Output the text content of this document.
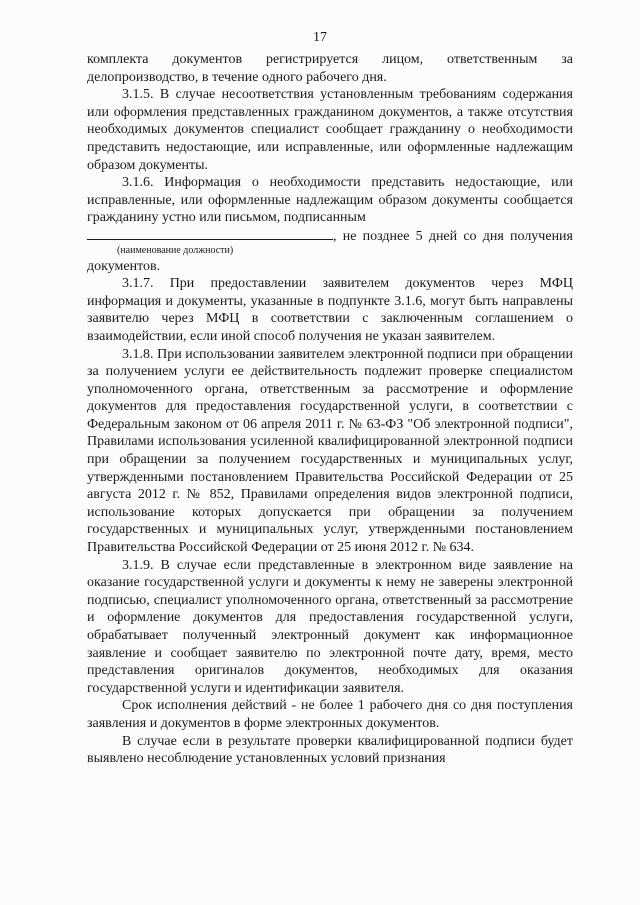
17

комплекта документов регистрируется лицом, ответственным за делопроизводство, в течение одного рабочего дня.

3.1.5. В случае несоответствия установленным требованиям содержания или оформления представленных гражданином документов, а также отсутствия необходимых документов специалист сообщает гражданину о необходимости представить недостающие, или исправленные, или оформленные надлежащим образом документы.

3.1.6. Информация о необходимости представить недостающие, или исправленные, или оформленные надлежащим образом документы сообщается гражданину устно или письмом, подписанным

, не позднее 5 дней со дня получения
(наименование должности)

документов.

3.1.7. При предоставлении заявителем документов через МФЦ информация и документы, указанные в подпункте 3.1.6, могут быть направлены заявителю через МФЦ в соответствии с заключенным соглашением о взаимодействии, если иной способ получения не указан заявителем.

3.1.8. При использовании заявителем электронной подписи при обращении за получением услуги ее действительность подлежит проверке специалистом уполномоченного органа, ответственным за рассмотрение и оформление документов для предоставления государственной услуги, в соответствии с Федеральным законом от 06 апреля 2011 г. № 63-ФЗ "Об электронной подписи", Правилами использования усиленной квалифицированной электронной подписи при обращении за получением государственных и муниципальных услуг, утвержденными постановлением Правительства Российской Федерации от 25 августа 2012 г. № 852, Правилами определения видов электронной подписи, использование которых допускается при обращении за получением государственных и муниципальных услуг, утвержденными постановлением Правительства Российской Федерации от 25 июня 2012 г. № 634.

3.1.9. В случае если представленные в электронном виде заявление на оказание государственной услуги и документы к нему не заверены электронной подписью, специалист уполномоченного органа, ответственный за рассмотрение и оформление документов для предоставления государственной услуги, обрабатывает полученный электронный документ как информационное заявление и сообщает заявителю по электронной почте дату, время, место представления оригиналов документов, необходимых для оказания государственной услуги и идентификации заявителя.

Срок исполнения действий - не более 1 рабочего дня со дня поступления заявления и документов в форме электронных документов.

В случае если в результате проверки квалифицированной подписи будет выявлено несоблюдение установленных условий признания
